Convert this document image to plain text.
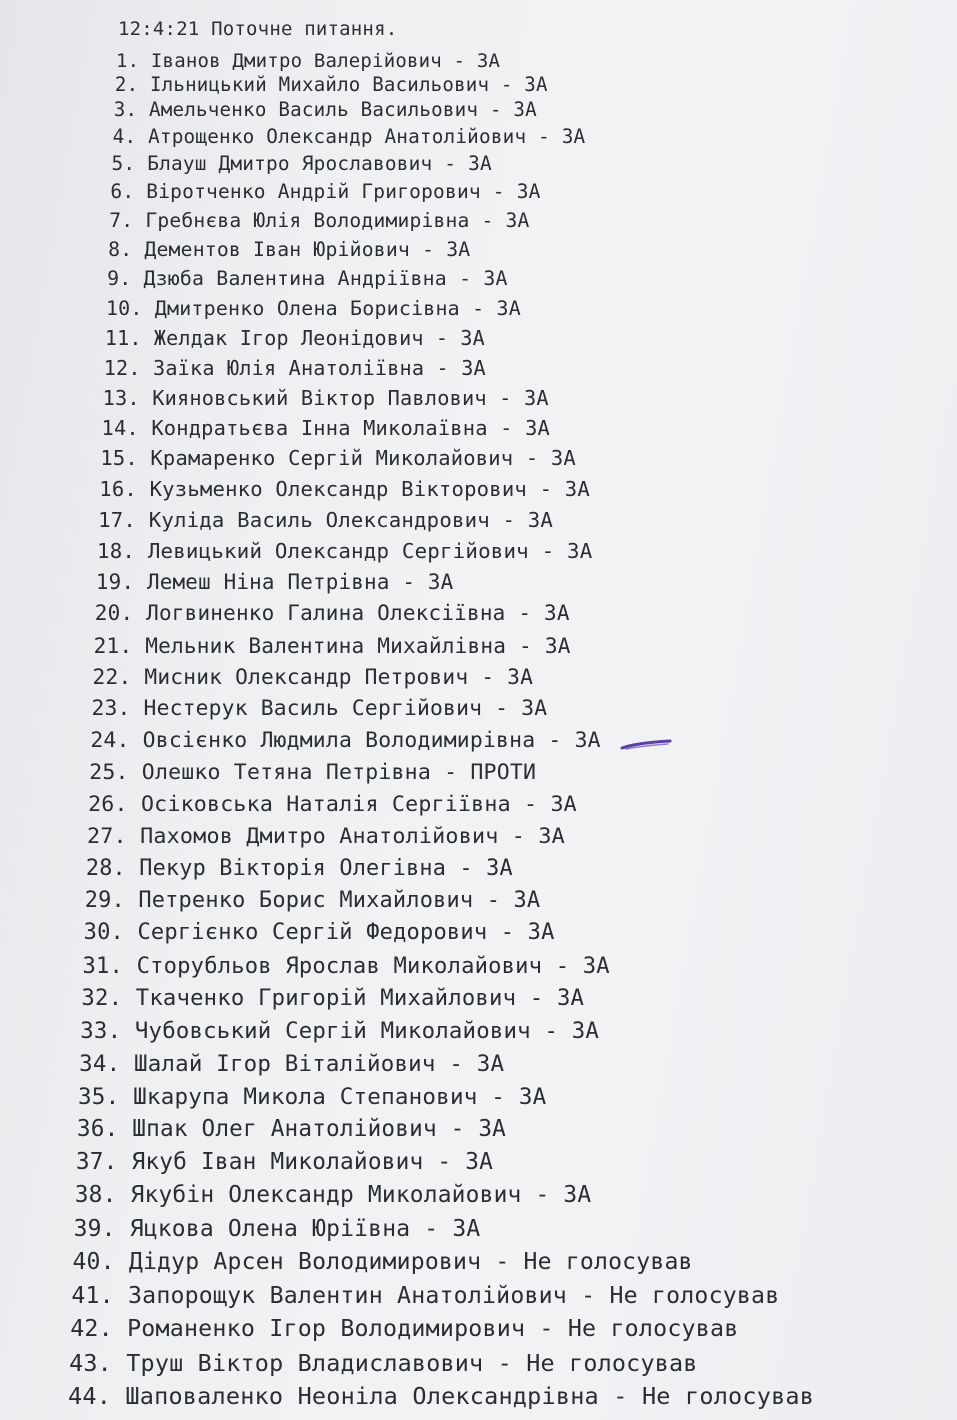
12:4:21 Поточне питання.
1. Іванов Дмитро Валерійович - ЗА
2. Ільницький Михайло Васильович - ЗА
3. Амельченко Василь Васильович - ЗА
4. Атрощенко Олександр Анатолійович - ЗА
5. Блауш Дмитро Ярославович - ЗА
6. Віротченко Андрій Григорович - ЗА
7. Гребнєва Юлія Володимирівна - ЗА
8. Дементов Іван Юрійович - ЗА
9. Дзюба Валентина Андріївна - ЗА
10. Дмитренко Олена Борисівна - ЗА
11. Желдак Ігор Леонідович - ЗА
12. Заїка Юлія Анатоліївна - ЗА
13. Кияновський Віктор Павлович - ЗА
14. Кондратьєва Інна Миколаївна - ЗА
15. Крамаренко Сергій Миколайович - ЗА
16. Кузьменко Олександр Вікторович - ЗА
17. Куліда Василь Олександрович - ЗА
18. Левицький Олександр Сергійович - ЗА
19. Лемеш Ніна Петрівна - ЗА
20. Логвиненко Галина Олексіївна - ЗА
21. Мельник Валентина Михайлівна - ЗА
22. Мисник Олександр Петрович - ЗА
23. Нестерук Василь Сергійович - ЗА
24. Овсієнко Людмила Володимирівна - ЗА
25. Олешко Тетяна Петрівна - ПРОТИ
26. Осіковська Наталія Сергіївна - ЗА
27. Пахомов Дмитро Анатолійович - ЗА
28. Пекур Вікторія Олегівна - ЗА
29. Петренко Борис Михайлович - ЗА
30. Сергієнко Сергій Федорович - ЗА
31. Сторубльов Ярослав Миколайович - ЗА
32. Ткаченко Григорій Михайлович - ЗА
33. Чубовський Сергій Миколайович - ЗА
34. Шалай Ігор Віталійович - ЗА
35. Шкарупа Микола Степанович - ЗА
36. Шпак Олег Анатолійович - ЗА
37. Якуб Іван Миколайович - ЗА
38. Якубін Олександр Миколайович - ЗА
39. Яцкова Олена Юріївна - ЗА
40. Дідур Арсен Володимирович - Не голосував
41. Запорощук Валентин Анатолійович - Не голосував
42. Романенко Ігор Володимирович - Не голосував
43. Труш Віктор Владиславович - Не голосував
44. Шаповаленко Неоніла Олександрівна - Не голосував
